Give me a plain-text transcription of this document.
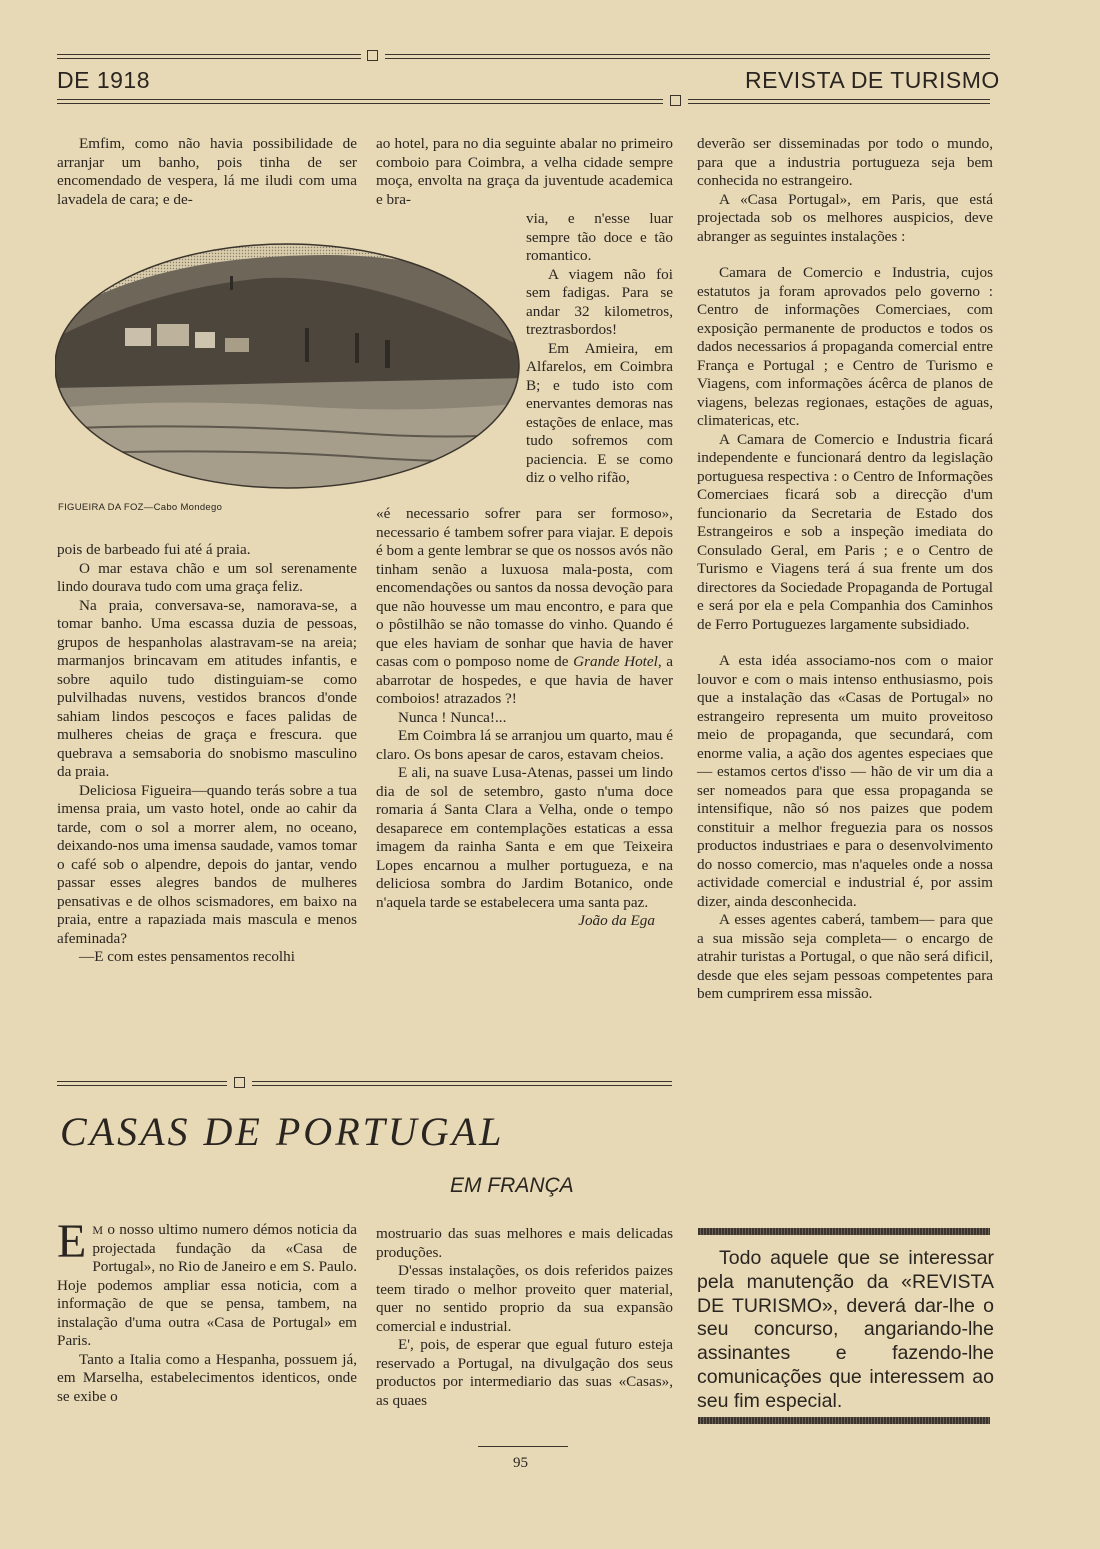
DE 1918	REVISTA DE TURISMO

Emfim, como não havia possibilidade de arranjar um banho, pois tinha de ser encomendado de vespera, lá me iludi com uma lavadela de cara; e de-

FIGUEIRA DA FOZ—Cabo Mondego

pois de barbeado fui até á praia.

O mar estava chão e um sol serenamente lindo dourava tudo com uma graça feliz.

Na praia, conversava-se, namorava-se, a tomar banho. Uma escassa duzia de pessoas, grupos de hespanholas alastravam-se na areia; marmanjos brincavam em atitudes infantis, e sobre aquilo tudo distinguiam-se como pulvilhadas nuvens, vestidos brancos d'onde sahiam lindos pescoços e faces palidas de mulheres cheias de graça e frescura. que quebrava a semsaboria do snobismo masculino da praia.

Deliciosa Figueira—quando terás sobre a tua imensa praia, um vasto hotel, onde ao cahir da tarde, com o sol a morrer alem, no oceano, deixando-nos uma imensa saudade, vamos tomar o café sob o alpendre, depois do jantar, vendo passar esses alegres bandos de mulheres pensativas e de olhos scismadores, em baixo na praia, entre a rapaziada mais mascula e menos afeminada?

—E com estes pensamentos recolhi

ao hotel, para no dia seguinte abalar no primeiro comboio para Coimbra, a velha cidade sempre moça, envolta na graça da juventude academica e bra-

via, e n'esse luar sempre tão doce e tão romantico.

A viagem não foi sem fadigas. Para se andar 32 kilometros, treztrasbordos!

Em Amieira, em Alfarelos, em Coimbra B; e tudo isto com enervantes demoras nas estações de enlace, mas tudo sofremos com paciencia. E se como diz o velho rifão,

«é necessario sofrer para ser formoso», necessario é tambem sofrer para viajar. E depois é bom a gente lembrar se que os nossos avós não tinham senão a luxuosa mala-posta, com encomendações ou santos da nossa devoção para que não houvesse um mau encontro, e para que o pôstilhão se não tomasse do vinho. Quando é que eles haviam de sonhar que havia de haver casas com o pomposo nome de Grande Hotel, a abarrotar de hospedes, e que havia de haver comboios! atrazados ?!

Nunca ! Nunca!...

Em Coimbra lá se arranjou um quarto, mau é claro. Os bons apesar de caros, estavam cheios.

E ali, na suave Lusa-Atenas, passei um lindo dia de sol de setembro, gasto n'uma doce romaria á Santa Clara a Velha, onde o tempo desaparece em contemplações estaticas a essa imagem da rainha Santa e em que Teixeira Lopes encarnou a mulher portugueza, e na deliciosa sombra do Jardim Botanico, onde n'aquela tarde se estabelecera uma santa paz.

João da Ega

deverão ser disseminadas por todo o mundo, para que a industria portugueza seja bem conhecida no estrangeiro.

A «Casa Portugal», em Paris, que está projectada sob os melhores auspicios, deve abranger as seguintes instalações :

Camara de Comercio e Industria, cujos estatutos ja foram aprovados pelo governo : Centro de informações Comerciaes, com exposição permanente de productos e todos os dados necessarios á propaganda comercial entre França e Portugal ; e Centro de Turismo e Viagens, com informações ácêrca de planos de viagens, belezas regionaes, estações de aguas, climatericas, etc.

A Camara de Comercio e Industria ficará independente e funcionará dentro da legislação portuguesa respectiva : o Centro de Informações Comerciaes ficará sob a direcção d'um funcionario da Secretaria de Estado dos Estrangeiros e sob a inspeção imediata do Consulado Geral, em Paris ; e o Centro de Turismo e Viagens terá á sua frente um dos directores da Sociedade Propaganda de Portugal e será por ela e pela Companhia dos Caminhos de Ferro Portuguezes largamente subsidiado.

A esta idéa associamo-nos com o maior louvor e com o mais intenso enthusiasmo, pois que a instalação das «Casas de Portugal» no estrangeiro representa um muito proveitoso meio de propaganda, que secundará, com enorme valia, a ação dos agentes especiaes que — estamos certos d'isso — hão de vir um dia a ser nomeados para que essa propaganda se intensifique, não só nos paizes que podem constituir a melhor freguezia para os nossos productos industriaes e para o desenvolvimento do nosso comercio, mas n'aqueles onde a nossa actividade comercial e industrial é, por assim dizer, ainda desconhecida.

A esses agentes caberá, tambem— para que a sua missão seja completa— o encargo de atrahir turistas a Portugal, o que não será dificil, desde que eles sejam pessoas competentes para bem cumprirem essa missão.

CASAS DE PORTUGAL
EM FRANÇA

E M o nosso ultimo numero démos noticia da projectada fundação da «Casa de Portugal», no Rio de Janeiro e em S. Paulo. Hoje podemos ampliar essa noticia, com a informação de que se pensa, tambem, na instalação d'uma outra «Casa de Portugal» em Paris.

Tanto a Italia como a Hespanha, possuem já, em Marselha, estabelecimentos identicos, onde se exibe o

mostruario das suas melhores e mais delicadas produções.

D'essas instalações, os dois referidos paizes teem tirado o melhor proveito quer material, quer no sentido proprio da sua expansão comercial e industrial.

E', pois, de esperar que egual futuro esteja reservado a Portugal, na divulgação dos seus productos por intermediario das suas «Casas», as quaes

Todo aquele que se interessar pela manutenção da «REVISTA DE TURISMO», deverá dar-lhe o seu concurso, angariando-lhe assinantes e fazendo-lhe comunicações que interessem ao seu fim especial.

95
